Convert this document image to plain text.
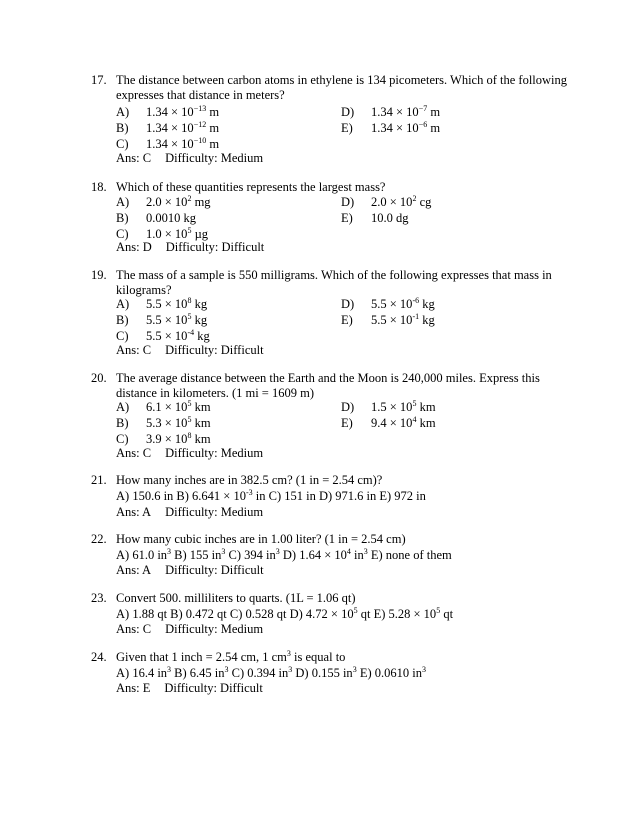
17. The distance between carbon atoms in ethylene is 134 picometers. Which of the following expresses that distance in meters?
A) $1.34 \times 10^{-13}$ m
B) $1.34 \times 10^{-12}$ m
C) $1.34 \times 10^{-10}$ m
D) $1.34 \times 10^{-7}$ m
E) $1.34 \times 10^{-6}$ m
Ans: C Difficulty: Medium
18. Which of these quantities represents the largest mass?
A) $2.0 \times 10^2$ mg
B) 0.0010 kg
C) $1.0 \times 10^5$ µg
D) $2.0 \times 10^2$ cg
E) 10.0 dg
Ans: D Difficulty: Difficult
19. The mass of a sample is 550 milligrams. Which of the following expresses that mass in kilograms?
A) $5.5 \times 10^8$ kg
B) $5.5 \times 10^5$ kg
C) $5.5 \times 10^{-4}$ kg
D) $5.5 \times 10^{-6}$ kg
E) $5.5 \times 10^{-1}$ kg
Ans: C Difficulty: Difficult
20. The average distance between the Earth and the Moon is 240,000 miles. Express this distance in kilometers. (1 mi = 1609 m)
A) $6.1 \times 10^5$ km
B) $5.3 \times 10^5$ km
C) $3.9 \times 10^8$ km
D) $1.5 \times 10^5$ km
E) $9.4 \times 10^4$ km
Ans: C Difficulty: Medium
21. How many inches are in 382.5 cm? (1 in = 2.54 cm)?
A) 150.6 in B) $6.641 \times 10^{-3}$ in C) 151 in D) 971.6 in E) 972 in
Ans: A Difficulty: Medium
22. How many cubic inches are in 1.00 liter? (1 in = 2.54 cm)
A) 61.0 $in^3$ B) 155 $in^3$ C) 394 $in^3$ D) $1.64 \times 10^4$ $in^3$ E) none of them
Ans: A Difficulty: Difficult
23. Convert 500. milliliters to quarts. (1L = 1.06 qt)
A) 1.88 qt B) 0.472 qt C) 0.528 qt D) $4.72 \times 10^5$ qt E) $5.28 \times 10^5$ qt
Ans: C Difficulty: Medium
24. Given that 1 inch = 2.54 cm, 1 $cm^3$ is equal to
A) 16.4 $in^3$ B) 6.45 $in^3$ C) 0.394 $in^3$ D) 0.155 $in^3$ E) 0.0610 $in^3$
Ans: E Difficulty: Difficult
